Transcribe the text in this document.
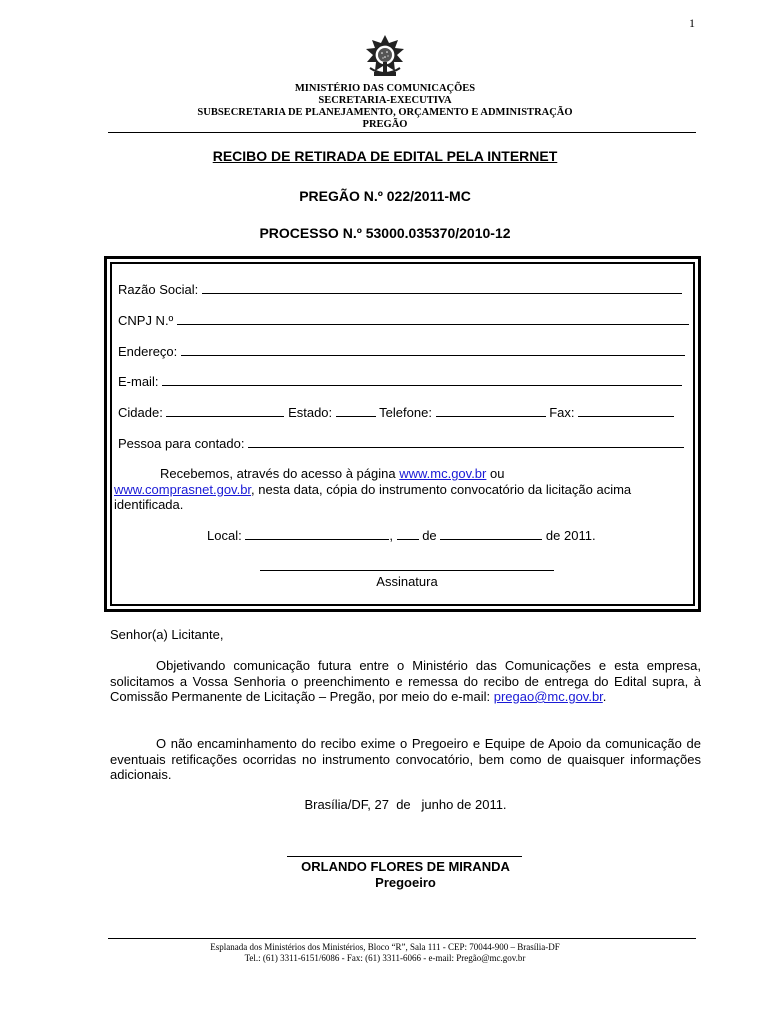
1
MINISTÉRIO DAS COMUNICAÇÕES
SECRETARIA-EXECUTIVA
SUBSECRETARIA DE PLANEJAMENTO, ORÇAMENTO E ADMINISTRAÇÃO
PREGÃO
RECIBO DE RETIRADA DE EDITAL PELA INTERNET
PREGÃO N.º 022/2011-MC
PROCESSO N.º 53000.035370/2010-12
Razão Social:
CNPJ N.º
Endereço:
E-mail:
Cidade:	Estado:	Telefone:	Fax:
Pessoa para contado:
Recebemos, através do acesso à página www.mc.gov.br ou
www.comprasnet.gov.br, nesta data, cópia do instrumento convocatório da licitação acima
identificada.
Local:	, de	de 2011.
Assinatura
Senhor(a) Licitante,
Objetivando comunicação futura entre o Ministério das Comunicações e esta empresa, solicitamos a Vossa Senhoria o preenchimento e remessa do recibo de entrega do Edital supra, à Comissão Permanente de Licitação – Pregão, por meio do e-mail: pregao@mc.gov.br.
O não encaminhamento do recibo exime o Pregoeiro e Equipe de Apoio da comunicação de eventuais retificações ocorridas no instrumento convocatório, bem como de quaisquer informações adicionais.
Brasília/DF, 27  de   junho de 2011.
ORLANDO FLORES DE MIRANDA
Pregoeiro
Esplanada dos Ministérios dos Ministérios, Bloco “R”, Sala 111 - CEP: 70044-900 – Brasília-DF
Tel.: (61) 3311-6151/6086 - Fax: (61) 3311-6066 - e-mail: Pregão@mc.gov.br
